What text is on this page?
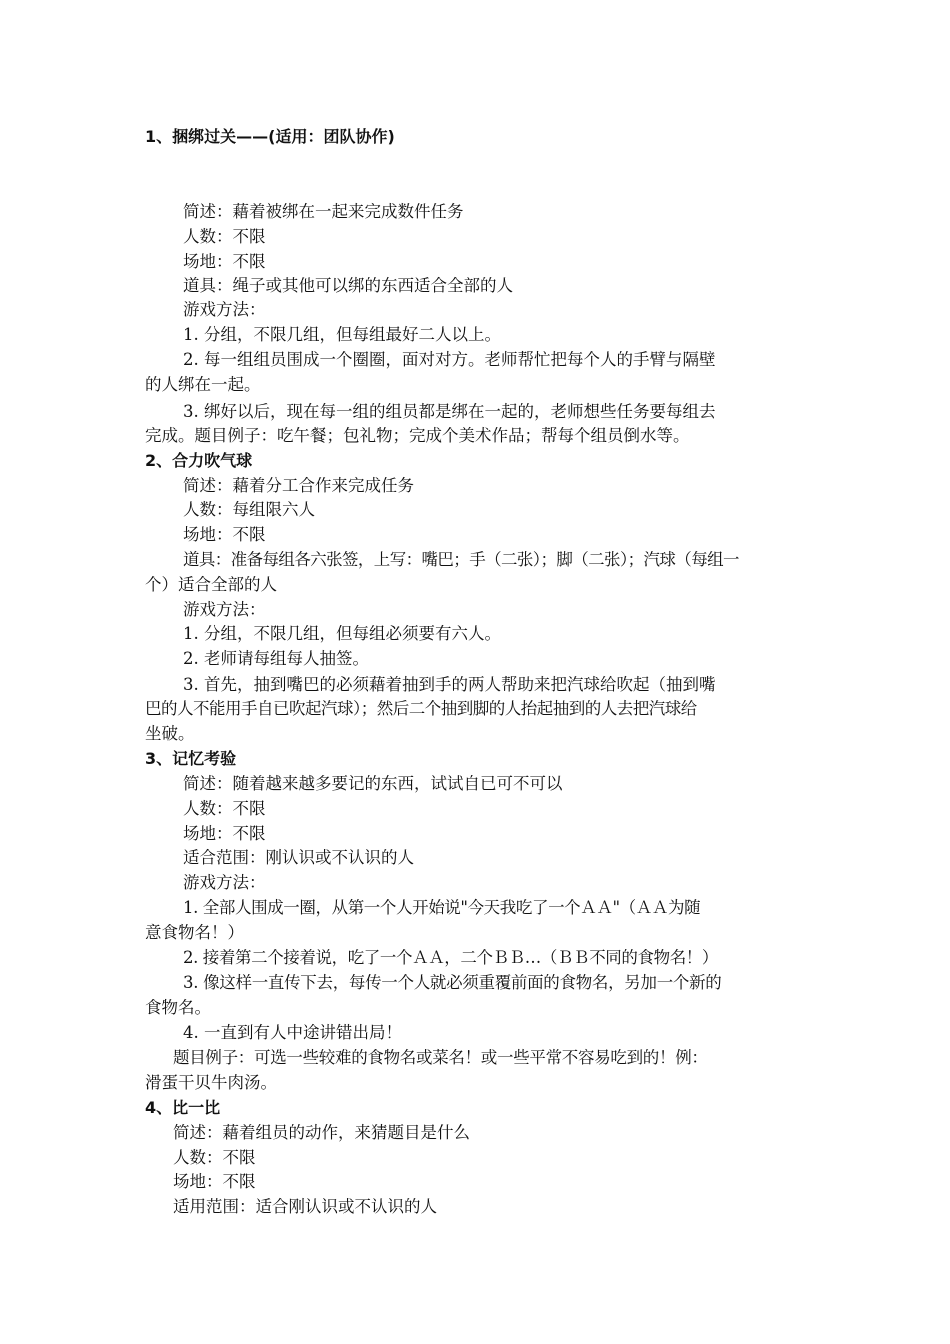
1、捆绑过关——(适用：团队协作)
简述：藉着被绑在一起来完成数件任务
人数：不限
场地：不限
道具：绳子或其他可以绑的东西适合全部的人
游戏方法：
1. 分组，不限几组，但每组最好二人以上。
2. 每一组组员围成一个圈圈，面对对方。老师帮忙把每个人的手臂与隔壁
的人绑在一起。
3. 绑好以后，现在每一组的组员都是绑在一起的，老师想些任务要每组去
完成。题目例子：吃午餐；包礼物；完成个美术作品；帮每个组员倒水等。
2、合力吹气球
简述：藉着分工合作来完成任务
人数：每组限六人
场地：不限
道具：准备每组各六张签，上写：嘴巴；手（二张）；脚（二张）；汽球（每组一
个）适合全部的人
游戏方法：
1. 分组，不限几组，但每组必须要有六人。
2. 老师请每组每人抽签。
3. 首先，抽到嘴巴的必须藉着抽到手的两人帮助来把汽球给吹起（抽到嘴
巴的人不能用手自已吹起汽球）；然后二个抽到脚的人抬起抽到的人去把汽球给
坐破。
3、记忆考验
简述：随着越来越多要记的东西，试试自已可不可以
人数：不限
场地：不限
适合范围：刚认识或不认识的人
游戏方法：
1. 全部人围成一圈，从第一个人开始说"今天我吃了一个ＡＡ"（ＡＡ为随
意食物名！）
2. 接着第二个接着说，吃了一个ＡＡ，二个ＢＢ…（ＢＢ不同的食物名！）
3. 像这样一直传下去，每传一个人就必须重覆前面的食物名，另加一个新的
食物名。
4. 一直到有人中途讲错出局！
题目例子：可选一些较难的食物名或菜名！或一些平常不容易吃到的！例：
滑蛋干贝牛肉汤。
4、比一比
简述：藉着组员的动作，来猜题目是什么
人数：不限
场地：不限
适用范围：适合刚认识或不认识的人
